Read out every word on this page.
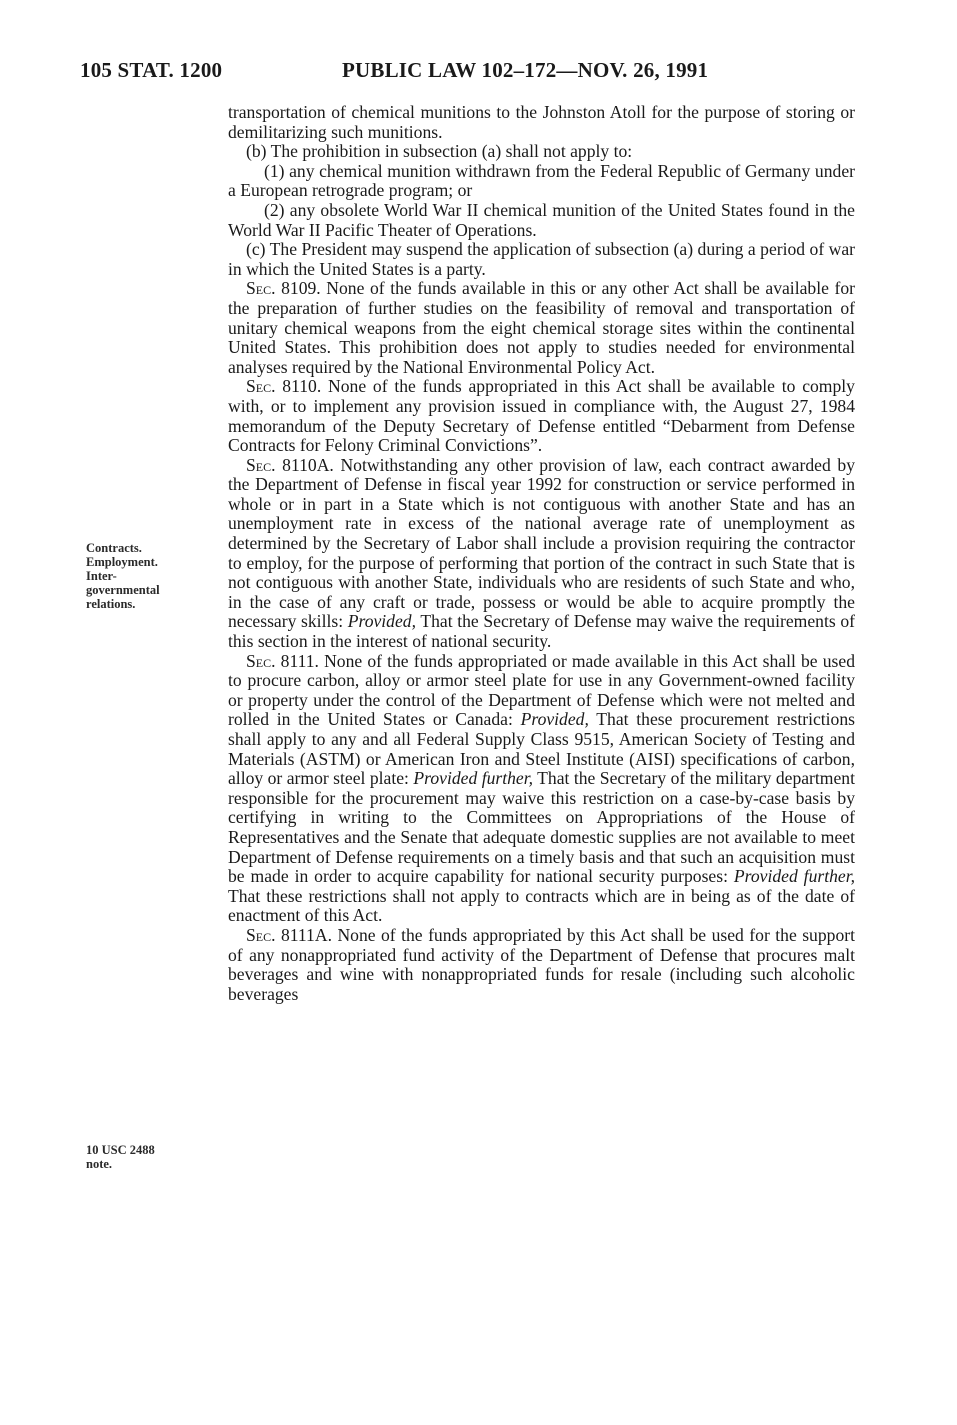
105 STAT. 1200	PUBLIC LAW 102–172—NOV. 26, 1991
Contracts.
Employment.
Inter-
governmental
relations.
10 USC 2488
note.

transportation of chemical munitions to the Johnston Atoll for the purpose of storing or demilitarizing such munitions.

(b) The prohibition in subsection (a) shall not apply to:

(1) any chemical munition withdrawn from the Federal Republic of Germany under a European retrograde program; or

(2) any obsolete World War II chemical munition of the United States found in the World War II Pacific Theater of Operations.

(c) The President may suspend the application of subsection (a) during a period of war in which the United States is a party.

Sec. 8109. None of the funds available in this or any other Act shall be available for the preparation of further studies on the feasibility of removal and transportation of unitary chemical weapons from the eight chemical storage sites within the continental United States. This prohibition does not apply to studies needed for environmental analyses required by the National Environmental Policy Act.

Sec. 8110. None of the funds appropriated in this Act shall be available to comply with, or to implement any provision issued in compliance with, the August 27, 1984 memorandum of the Deputy Secretary of Defense entitled “Debarment from Defense Contracts for Felony Criminal Convictions”.

Sec. 8110A. Notwithstanding any other provision of law, each contract awarded by the Department of Defense in fiscal year 1992 for construction or service performed in whole or in part in a State which is not contiguous with another State and has an unemployment rate in excess of the national average rate of unemployment as determined by the Secretary of Labor shall include a provision requiring the contractor to employ, for the purpose of performing that portion of the contract in such State that is not contiguous with another State, individuals who are residents of such State and who, in the case of any craft or trade, possess or would be able to acquire promptly the necessary skills: Provided, That the Secretary of Defense may waive the requirements of this section in the interest of national security.

Sec. 8111. None of the funds appropriated or made available in this Act shall be used to procure carbon, alloy or armor steel plate for use in any Government-owned facility or property under the control of the Department of Defense which were not melted and rolled in the United States or Canada: Provided, That these procurement restrictions shall apply to any and all Federal Supply Class 9515, American Society of Testing and Materials (ASTM) or American Iron and Steel Institute (AISI) specifications of carbon, alloy or armor steel plate: Provided further, That the Secretary of the military department responsible for the procurement may waive this restriction on a case-by-case basis by certifying in writing to the Committees on Appropriations of the House of Representatives and the Senate that adequate domestic supplies are not available to meet Department of Defense requirements on a timely basis and that such an acquisition must be made in order to acquire capability for national security purposes: Provided further, That these restrictions shall not apply to contracts which are in being as of the date of enactment of this Act.

Sec. 8111A. None of the funds appropriated by this Act shall be used for the support of any nonappropriated fund activity of the Department of Defense that procures malt beverages and wine with nonappropriated funds for resale (including such alcoholic beverages
